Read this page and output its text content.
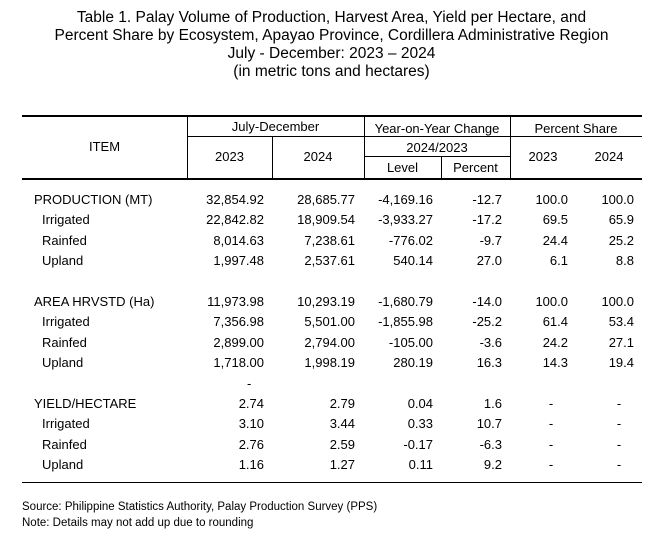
Table 1. Palay Volume of Production, Harvest Area, Yield per Hectare, and
Percent Share by Ecosystem, Apayao Province, Cordillera Administrative Region
July - December: 2023 – 2024
(in metric tons and hectares)
ITEM
July-December	Year-on-Year Change	Percent Share
2023	2024
2024/2023
Level	Percent
2023	2024
PRODUCTION (MT)	32,854.92	28,685.77	-4,169.16	-12.7	100.0	100.0
Irrigated	22,842.82	18,909.54	-3,933.27	-17.2	69.5	65.9
Rainfed	8,014.63	7,238.61	-776.02	-9.7	24.4	25.2
Upland	1,997.48	2,537.61	540.14	27.0	6.1	8.8
AREA HRVSTD (Ha)	11,973.98	10,293.19	-1,680.79	-14.0	100.0	100.0
Irrigated	7,356.98	5,501.00	-1,855.98	-25.2	61.4	53.4
Rainfed	2,899.00	2,794.00	-105.00	-3.6	24.2	27.1
Upland	1,718.00	1,998.19	280.19	16.3	14.3	19.4
-
YIELD/HECTARE	2.74	2.79	0.04	1.6	-	-
Irrigated	3.10	3.44	0.33	10.7	-	-
Rainfed	2.76	2.59	-0.17	-6.3	-	-
Upland	1.16	1.27	0.11	9.2	-	-
Source: Philippine Statistics Authority, Palay Production Survey (PPS)
Note: Details may not add up due to rounding
